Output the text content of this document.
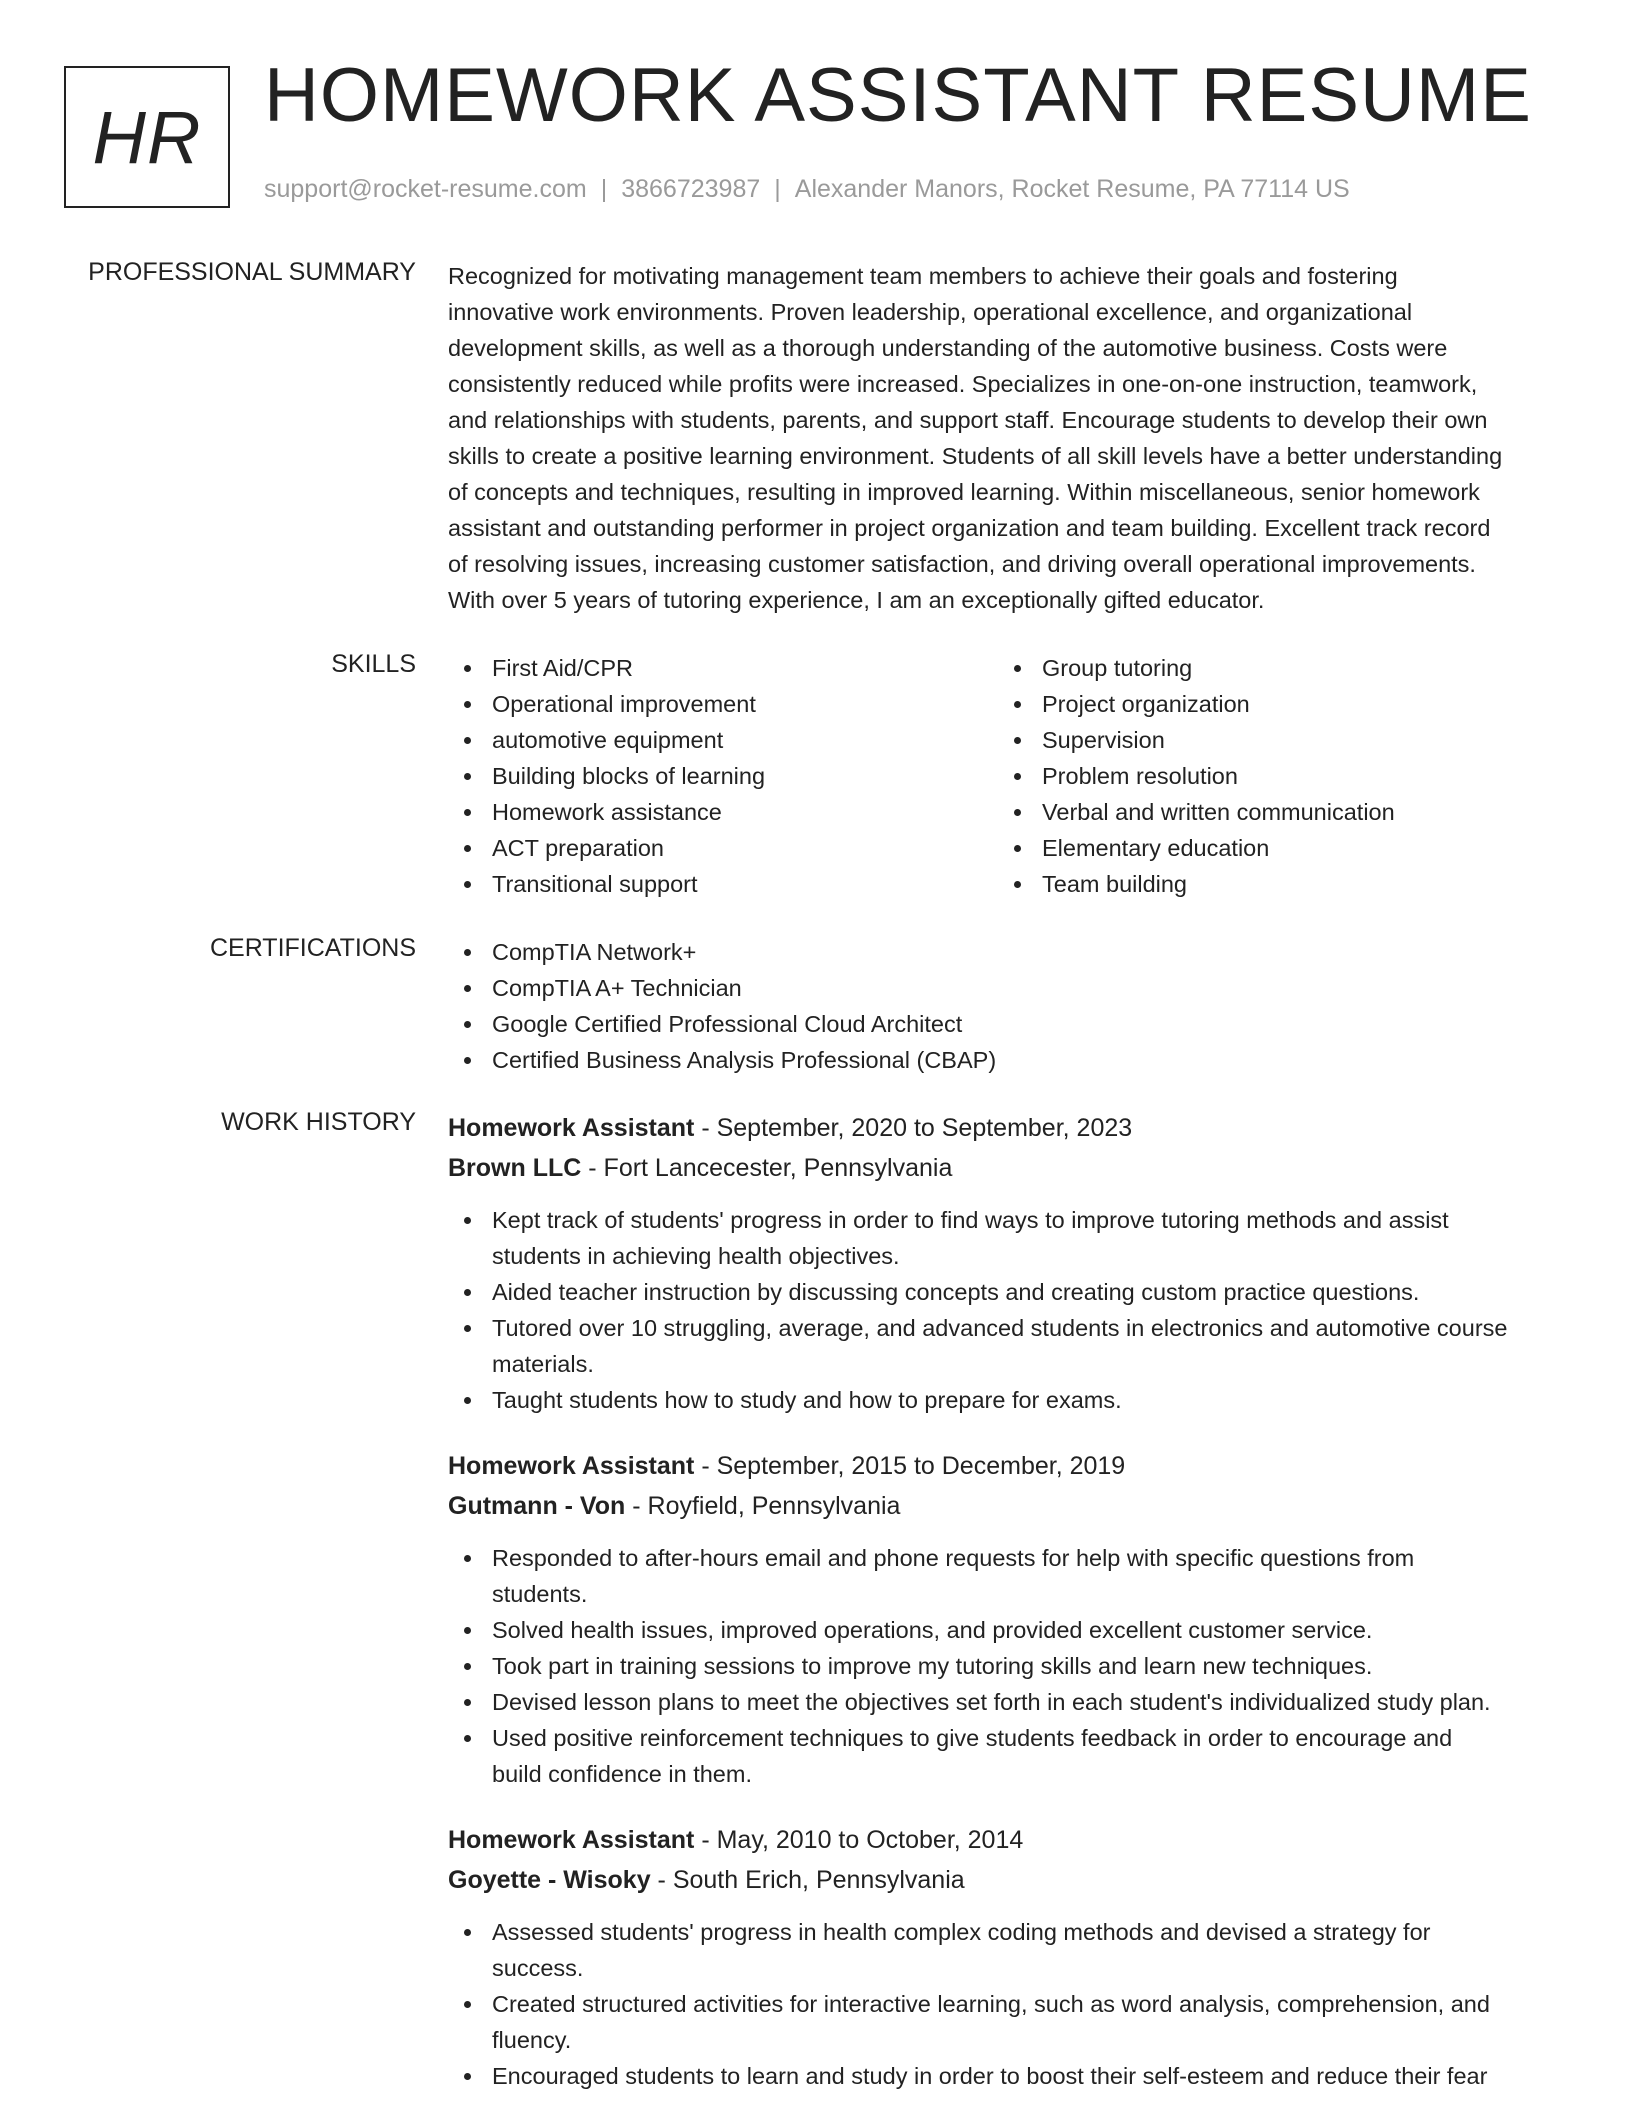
HR HOMEWORK ASSISTANT RESUME
support@rocket-resume.com | 3866723987 | Alexander Manors, Rocket Resume, PA 77114 US
PROFESSIONAL SUMMARY Recognized for motivating management team members to achieve their goals and fostering
innovative work environments. Proven leadership, operational excellence, and organizational
development skills, as well as a thorough understanding of the automotive business. Costs were
consistently reduced while profits were increased. Specializes in one-on-one instruction, teamwork,
and relationships with students, parents, and support staff. Encourage students to develop their own
skills to create a positive learning environment. Students of all skill levels have a better understanding
of concepts and techniques, resulting in improved learning. Within miscellaneous, senior homework
assistant and outstanding performer in project organization and team building. Excellent track record
of resolving issues, increasing customer satisfaction, and driving overall operational improvements.
With over 5 years of tutoring experience, I am an exceptionally gifted educator.
SKILLS	First Aid/CPR
Operational improvement
automotive equipment
Building blocks of learning
Homework assistance
ACT preparation
Transitional support
Group tutoring
Project organization
Supervision
Problem resolution
Verbal and written communication
Elementary education
Team building
CERTIFICATIONS	CompTIA Network+
CompTIA A+ Technician
Google Certified Professional Cloud Architect
Certified Business Analysis Professional (CBAP)
WORK HISTORY Homework Assistant - September, 2020 to September, 2023
Brown LLC - Fort Lancecester, Pennsylvania
Kept track of students' progress in order to find ways to improve tutoring methods and assist
students in achieving health objectives.
Aided teacher instruction by discussing concepts and creating custom practice questions.
Tutored over 10 struggling, average, and advanced students in electronics and automotive course
materials.
Taught students how to study and how to prepare for exams.
Homework Assistant - September, 2015 to December, 2019
Gutmann - Von - Royfield, Pennsylvania
Responded to after-hours email and phone requests for help with specific questions from
students.
Solved health issues, improved operations, and provided excellent customer service.
Took part in training sessions to improve my tutoring skills and learn new techniques.
Devised lesson plans to meet the objectives set forth in each student's individualized study plan.
Used positive reinforcement techniques to give students feedback in order to encourage and
build confidence in them.
Homework Assistant - May, 2010 to October, 2014
Goyette - Wisoky - South Erich, Pennsylvania
Assessed students' progress in health complex coding methods and devised a strategy for
success.
Created structured activities for interactive learning, such as word analysis, comprehension, and
fluency.
Encouraged students to learn and study in order to boost their self-esteem and reduce their fear
